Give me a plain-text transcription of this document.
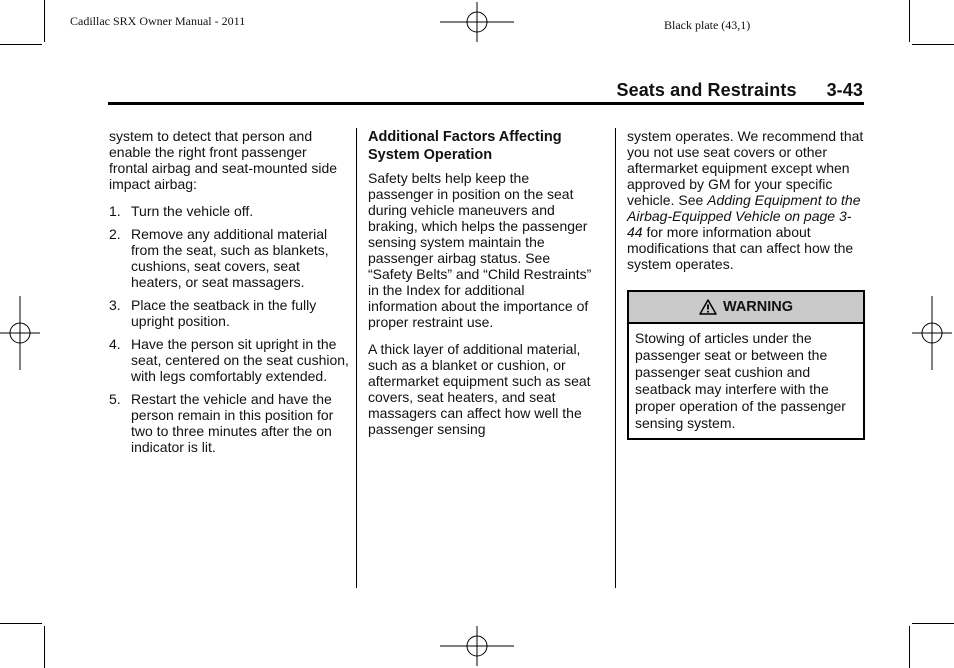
Cadillac SRX Owner Manual - 2011	Black plate (43,1)
Seats and Restraints 3-43

system to detect that person and enable the right front passenger frontal airbag and seat-mounted side impact airbag:

1. Turn the vehicle off.
2. Remove any additional material from the seat, such as blankets, cushions, seat covers, seat heaters, or seat massagers.
3. Place the seatback in the fully upright position.
4. Have the person sit upright in the seat, centered on the seat cushion, with legs comfortably extended.
5. Restart the vehicle and have the person remain in this position for two to three minutes after the on indicator is lit.
Additional Factors Affecting System Operation

Safety belts help keep the passenger in position on the seat during vehicle maneuvers and braking, which helps the passenger sensing system maintain the passenger airbag status. See “Safety Belts” and “Child Restraints” in the Index for additional information about the importance of proper restraint use.

A thick layer of additional material, such as a blanket or cushion, or aftermarket equipment such as seat covers, seat heaters, and seat massagers can affect how well the passenger sensing

system operates. We recommend that you not use seat covers or other aftermarket equipment except when approved by GM for your specific vehicle. See Adding Equipment to the Airbag-Equipped Vehicle on page 3-44 for more information about modifications that can affect how the system operates.

WARNING
Stowing of articles under the passenger seat or between the passenger seat cushion and seatback may interfere with the proper operation of the passenger sensing system.
